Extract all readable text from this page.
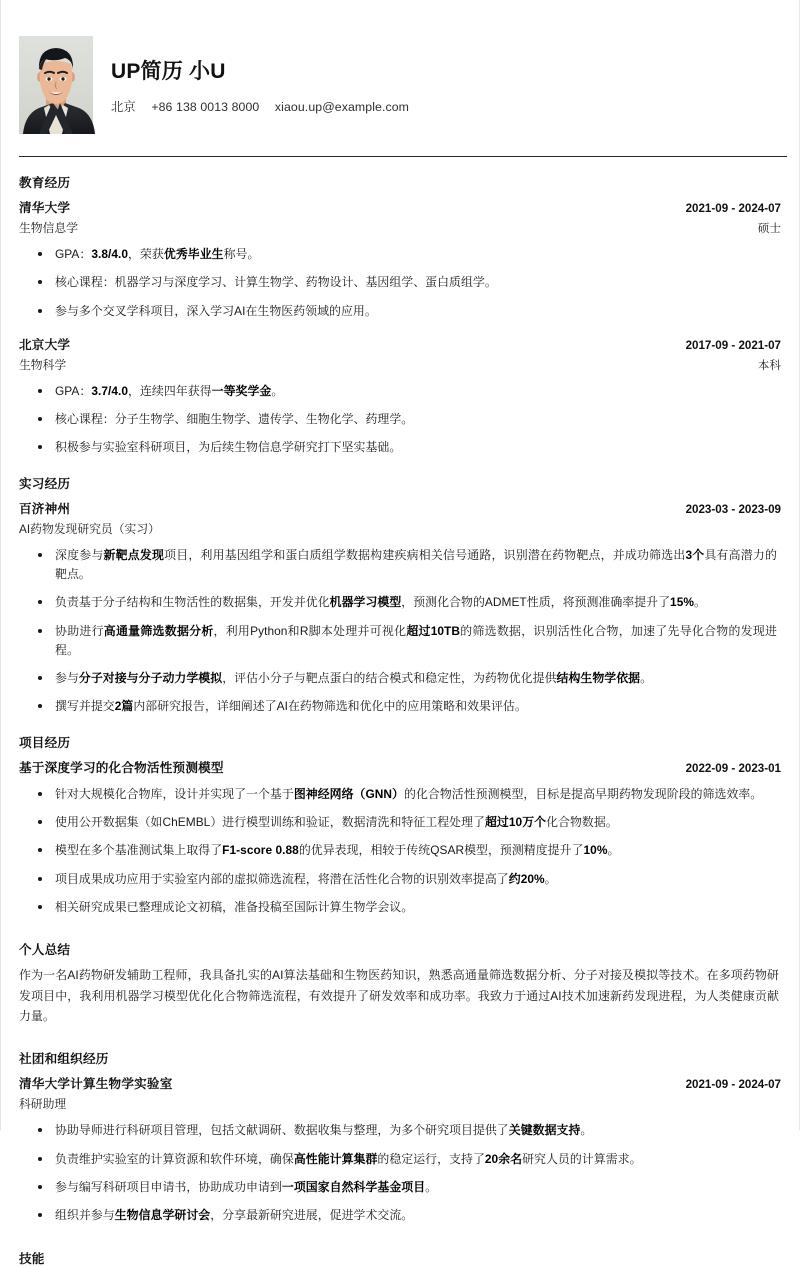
UP简历 小U
北京 +86 138 0013 8000 xiaou.up@example.com
教育经历
清华大学	2021-09 - 2024-07
生物信息学	硕士
GPA：3.8/4.0，荣获优秀毕业生称号。
核心课程：机器学习与深度学习、计算生物学、药物设计、基因组学、蛋白质组学。
参与多个交叉学科项目，深入学习AI在生物医药领域的应用。
北京大学	2017-09 - 2021-07
生物科学	本科
GPA：3.7/4.0，连续四年获得一等奖学金。
核心课程：分子生物学、细胞生物学、遗传学、生物化学、药理学。
积极参与实验室科研项目，为后续生物信息学研究打下坚实基础。
实习经历
百济神州	2023-03 - 2023-09
AI药物发现研究员（实习）
深度参与新靶点发现项目，利用基因组学和蛋白质组学数据构建疾病相关信号通路，识别潜在药物靶点，并成功筛选出3个具有高潜力的靶点。
负责基于分子结构和生物活性的数据集，开发并优化机器学习模型，预测化合物的ADMET性质，将预测准确率提升了15%。
协助进行高通量筛选数据分析，利用Python和R脚本处理并可视化超过10TB的筛选数据，识别活性化合物，加速了先导化合物的发现进程。
参与分子对接与分子动力学模拟，评估小分子与靶点蛋白的结合模式和稳定性，为药物优化提供结构生物学依据。
撰写并提交2篇内部研究报告，详细阐述了AI在药物筛选和优化中的应用策略和效果评估。
项目经历
基于深度学习的化合物活性预测模型	2022-09 - 2023-01
针对大规模化合物库，设计并实现了一个基于图神经网络（GNN）的化合物活性预测模型，目标是提高早期药物发现阶段的筛选效率。
使用公开数据集（如ChEMBL）进行模型训练和验证，数据清洗和特征工程处理了超过10万个化合物数据。
模型在多个基准测试集上取得了F1-score 0.88的优异表现，相较于传统QSAR模型，预测精度提升了10%。
项目成果成功应用于实验室内部的虚拟筛选流程，将潜在活性化合物的识别效率提高了约20%。
相关研究成果已整理成论文初稿，准备投稿至国际计算生物学会议。
个人总结
作为一名AI药物研发辅助工程师，我具备扎实的AI算法基础和生物医药知识，熟悉高通量筛选数据分析、分子对接及模拟等技术。在多项药物研发项目中，我利用机器学习模型优化化合物筛选流程，有效提升了研发效率和成功率。我致力于通过AI技术加速新药发现进程，为人类健康贡献力量。
社团和组织经历
清华大学计算生物学实验室	2021-09 - 2024-07
科研助理
协助导师进行科研项目管理，包括文献调研、数据收集与整理，为多个研究项目提供了关键数据支持。
负责维护实验室的计算资源和软件环境，确保高性能计算集群的稳定运行，支持了20余名研究人员的计算需求。
参与编写科研项目申请书，协助成功申请到一项国家自然科学基金项目。
组织并参与生物信息学研讨会，分享最新研究进展，促进学术交流。
技能
